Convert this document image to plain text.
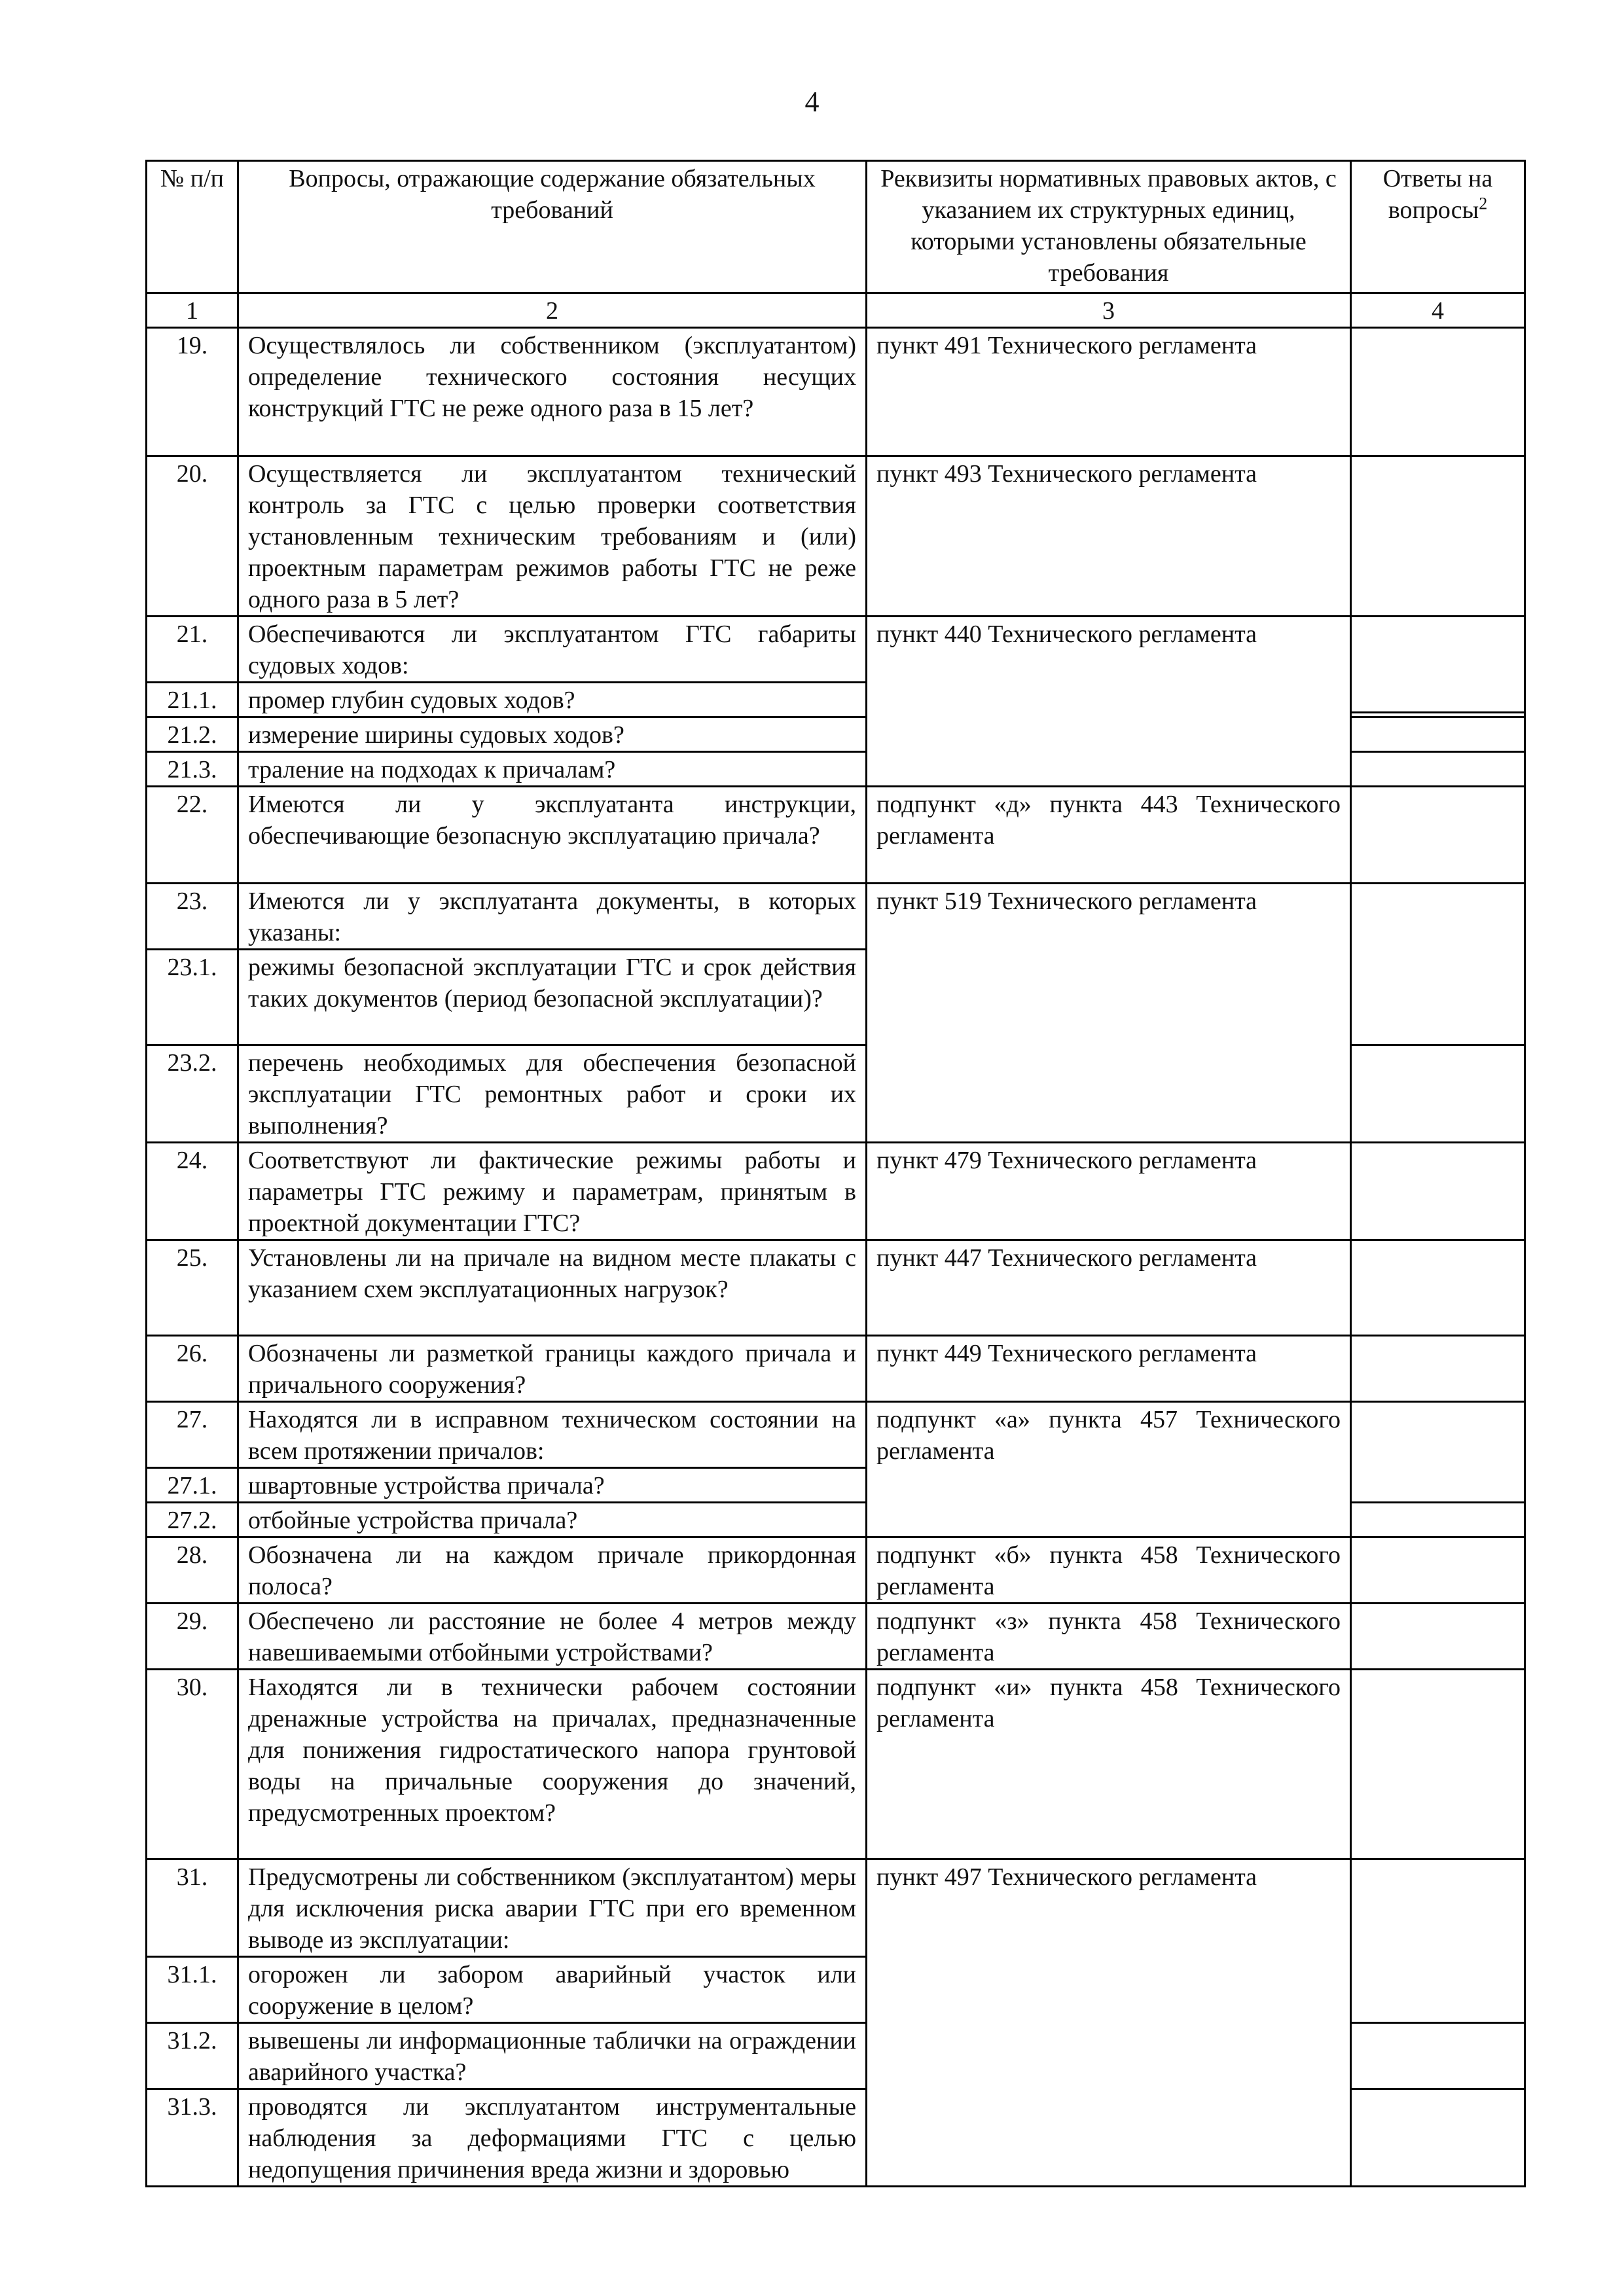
4
№ п/п	Вопросы, отражающие содержание обязательных требований	Реквизиты нормативных правовых актов, с указанием их структурных единиц, которыми установлены обязательные требования	Ответы на вопросы$^2$
1	2	3	4
19.	Осуществлялось ли собственником (эксплуатантом) определение технического состояния несущих конструкций ГТС не реже одного раза в 15 лет?	пункт 491 Технического регламента	
20.	Осуществляется ли эксплуатантом технический контроль за ГТС с целью проверки соответствия установленным техническим требованиям и (или) проектным параметрам режимов работы ГТС не реже одного раза в 5 лет?	пункт 493 Технического регламента	
21.	Обеспечиваются ли эксплуатантом ГТС габариты судовых ходов:	пункт 440 Технического регламента	

21.1.	промер глубин судовых ходов?		
21.2.	измерение ширины судовых ходов?		
21.3.	траление на подходах к причалам?		
22.	Имеются ли у эксплуатанта инструкции, обеспечивающие безопасную эксплуатацию причала?	подпункт «д» пункта 443 Технического регламента	
23.	Имеются ли у эксплуатанта документы, в которых указаны:	пункт 519 Технического регламента	
23.1.	режимы безопасной эксплуатации ГТС и срок действия таких документов (период безопасной эксплуатации)?		
23.2.	перечень необходимых для обеспечения безопасной эксплуатации ГТС ремонтных работ и сроки их выполнения?		
24.	Соответствуют ли фактические режимы работы и параметры ГТС режиму и параметрам, принятым в проектной документации ГТС?	пункт 479 Технического регламента	
25.	Установлены ли на причале на видном месте плакаты с указанием схем эксплуатационных нагрузок?	пункт 447 Технического регламента	
26.	Обозначены ли разметкой границы каждого причала и причального сооружения?	пункт 449 Технического регламента	
27.	Находятся ли в исправном техническом состоянии на всем протяжении причалов:	подпункт «а» пункта 457 Технического регламента	
27.1.	швартовные устройства причала?		
27.2.	отбойные устройства причала?		
28.	Обозначена ли на каждом причале прикордонная полоса?	подпункт «б» пункта 458 Технического регламента	
29.	Обеспечено ли расстояние не более 4 метров между навешиваемыми отбойными устройствами?	подпункт «з» пункта 458 Технического регламента	
30.	Находятся ли в технически рабочем состоянии дренажные устройства на причалах, предназначенные для понижения гидростатического напора грунтовой воды на причальные сооружения до значений, предусмотренных проектом?	подпункт «и» пункта 458 Технического регламента	
31.	Предусмотрены ли собственником (эксплуатантом) меры для исключения риска аварии ГТС при его временном выводе из эксплуатации:	пункт 497 Технического регламента	
31.1.	огорожен ли забором аварийный участок или сооружение в целом?		
31.2.	вывешены ли информационные таблички на ограждении аварийного участка?		
31.3.	проводятся ли эксплуатантом инструментальные наблюдения за деформациями ГТС с целью недопущения причинения вреда жизни и здоровью		
